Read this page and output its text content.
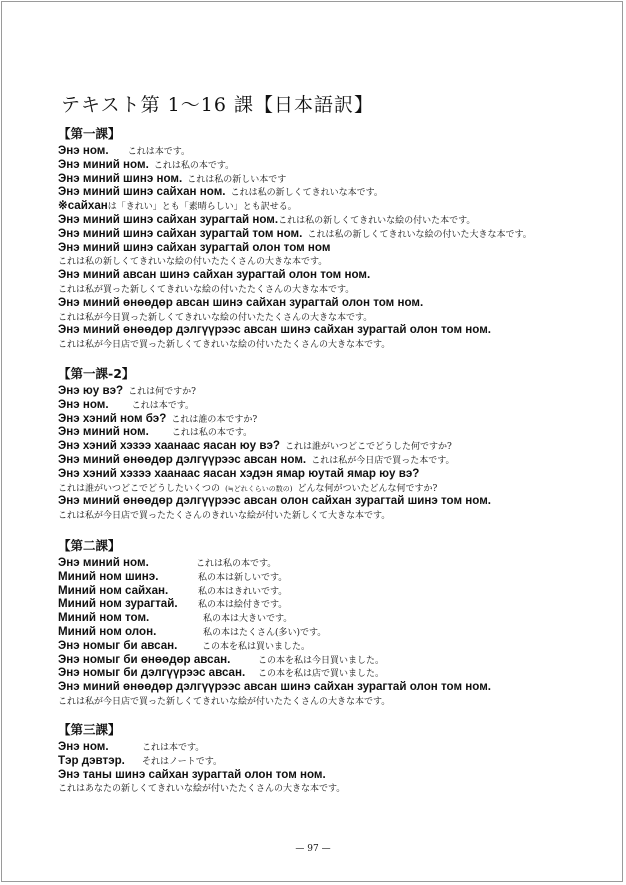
テキスト第 1〜16 課【日本語訳】
【第一課】
Энэ ном. これは本です。
Энэ миний ном. これは私の本です。
Энэ миний шинэ ном. これは私の新しい本です
Энэ миний шинэ сайхан ном. これは私の新しくてきれいな本です。
※сайханは「きれい」とも「素晴らしい」とも訳せる。
Энэ миний шинэ сайхан зурагтай ном.これは私の新しくてきれいな絵の付いた本です。
Энэ миний шинэ сайхан зурагтай том ном. これは私の新しくてきれいな絵の付いた大きな本です。
Энэ миний шинэ сайхан зурагтай олон том ном
これは私の新しくてきれいな絵の付いたたくさんの大きな本です。
Энэ миний авсан шинэ сайхан зурагтай олон том ном.
これは私が買った新しくてきれいな絵の付いたたくさんの大きな本です。
Энэ миний өнөөдөр авсан шинэ сайхан зурагтай олон том ном.
これは私が今日買った新しくてきれいな絵の付いたたくさんの大きな本です。
Энэ миний өнөөдөр дэлгүүрээс авсан шинэ сайхан зурагтай олон том ном.
これは私が今日店で買った新しくてきれいな絵の付いたたくさんの大きな本です。
【第一課-2】
Энэ юу вэ? これは何ですか?
Энэ ном.	これは本です。
Энэ хэний ном бэ? これは誰の本ですか?
Энэ миний ном.	これは私の本です。
Энэ хэний хэзээ хаанаас яасан юу вэ? これは誰がいつどこでどうした何ですか?
Энэ миний өнөөдөр дэлгүүрээс авсан ном. これは私が今日店で買った本です。
Энэ хэний хэзээ хаанаас яасан хэдэн ямар юутай ямар юу вэ?
これは誰がいつどこでどうしたいくつの (≒どれくらいの数の) どんな何がついたどんな何ですか?
Энэ миний өнөөдөр дэлгүүрээс авсан олон сайхан зурагтай шинэ том ном.
これは私が今日店で買ったたくさんのきれいな絵が付いた新しくて大きな本です。
【第二課】
Энэ миний ном.	これは私の本です。
Миний ном шинэ.	私の本は新しいです。
Миний ном сайхан.	私の本はきれいです。
Миний ном зурагтай. 私の本は絵付きです。
Миний ном том.	私の本は大きいです。
Миний ном олон.	私の本はたくさん(多い)です。
Энэ номыг би авсан.	この本を私は買いました。
Энэ номыг би өнөөдөр авсан.	この本を私は今日買いました。
Энэ номыг би дэлгүүрээс авсан. この本を私は店で買いました。
Энэ миний өнөөдөр дэлгүүрээс авсан шинэ сайхан зурагтай олон том ном.
これは私が今日店で買った新しくてきれいな絵が付いたたくさんの大きな本です。
【第三課】
Энэ ном.	これは本です。
Тэр дэвтэр. それはノートです。
Энэ таны шинэ сайхан зурагтай олон том ном.
これはあなたの新しくてきれいな絵が付いたたくさんの大きな本です。
— 97 —
